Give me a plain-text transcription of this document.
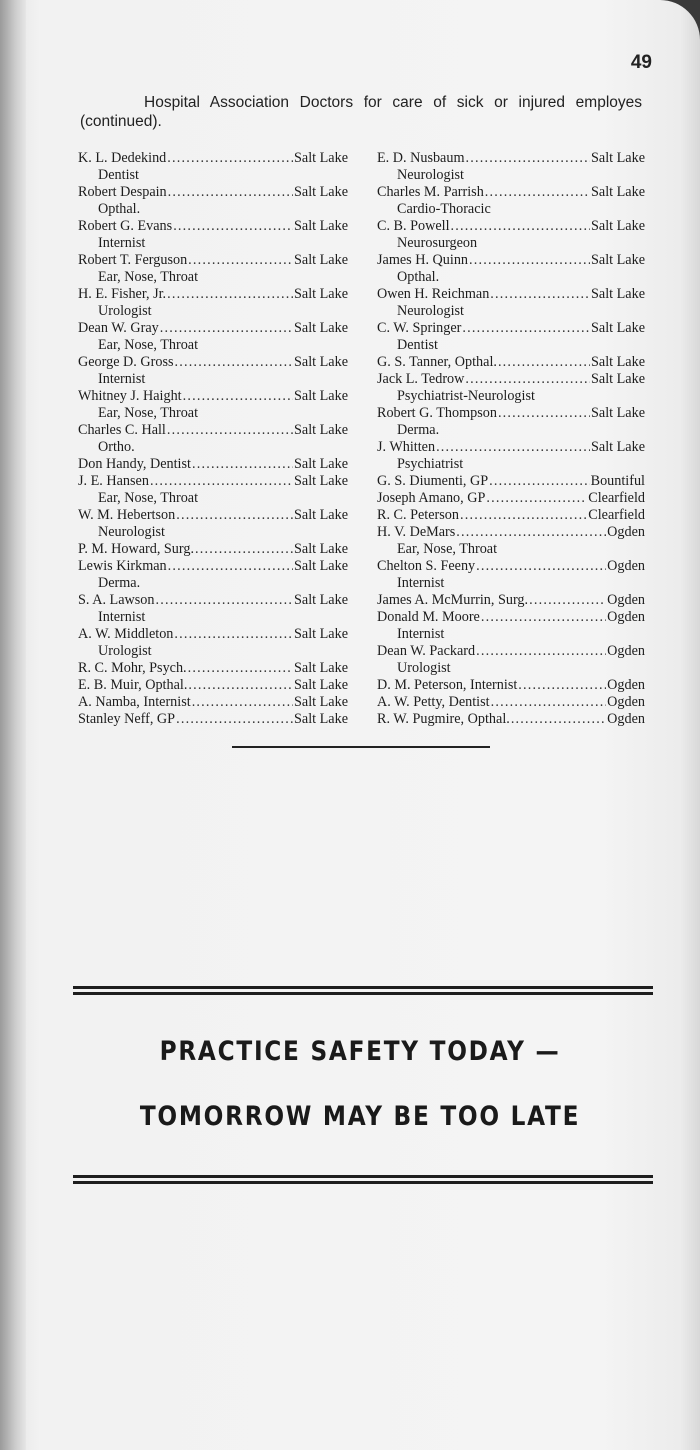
49
Hospital Association Doctors for care of sick or injured employes (continued).
K. L. Dedekind .....	Salt Lake
Dentist
Robert Despain .....	Salt Lake
Opthal.
Robert G. Evans .....	Salt Lake
Internist
Robert T. Ferguson .....	Salt Lake
Ear, Nose, Throat
H. E. Fisher, Jr. .....	Salt Lake
Urologist
Dean W. Gray .....	Salt Lake
Ear, Nose, Throat
George D. Gross .....	Salt Lake
Internist
Whitney J. Haight .....	Salt Lake
Ear, Nose, Throat
Charles C. Hall .....	Salt Lake
Ortho.
Don Handy, Dentist .....	Salt Lake
J. E. Hansen .....	Salt Lake
Ear, Nose, Throat
W. M. Hebertson .....	Salt Lake
Neurologist
P. M. Howard, Surg. .....	Salt Lake
Lewis Kirkman .....	Salt Lake
Derma.
S. A. Lawson .....	Salt Lake
Internist
A. W. Middleton .....	Salt Lake
Urologist
R. C. Mohr, Psych. .....	Salt Lake
E. B. Muir, Opthal. .....	Salt Lake
A. Namba, Internist .....	Salt Lake
Stanley Neff, GP .....	Salt Lake
E. D. Nusbaum .....	Salt Lake
Neurologist
Charles M. Parrish .....	Salt Lake
Cardio-Thoracic
C. B. Powell .....	Salt Lake
Neurosurgeon
James H. Quinn .....	Salt Lake
Opthal.
Owen H. Reichman .....	Salt Lake
Neurologist
C. W. Springer .....	Salt Lake
Dentist
G. S. Tanner, Opthal. .....	Salt Lake
Jack L. Tedrow .....	Salt Lake
Psychiatrist-Neurologist
Robert G. Thompson .....	Salt Lake
Derma.
J. Whitten .....	Salt Lake
Psychiatrist
G. S. Diumenti, GP .....	Bountiful
Joseph Amano, GP .....	Clearfield
R. C. Peterson .....	Clearfield
H. V. DeMars .....	Ogden
Ear, Nose, Throat
Chelton S. Feeny .....	Ogden
Internist
James A. McMurrin, Surg. .....	Ogden
Donald M. Moore .....	Ogden
Internist
Dean W. Packard .....	Ogden
Urologist
D. M. Peterson, Internist .....	Ogden
A. W. Petty, Dentist .....	Ogden
R. W. Pugmire, Opthal. .....	Ogden
PRACTICE SAFETY TODAY —
TOMORROW MAY BE TOO LATE
